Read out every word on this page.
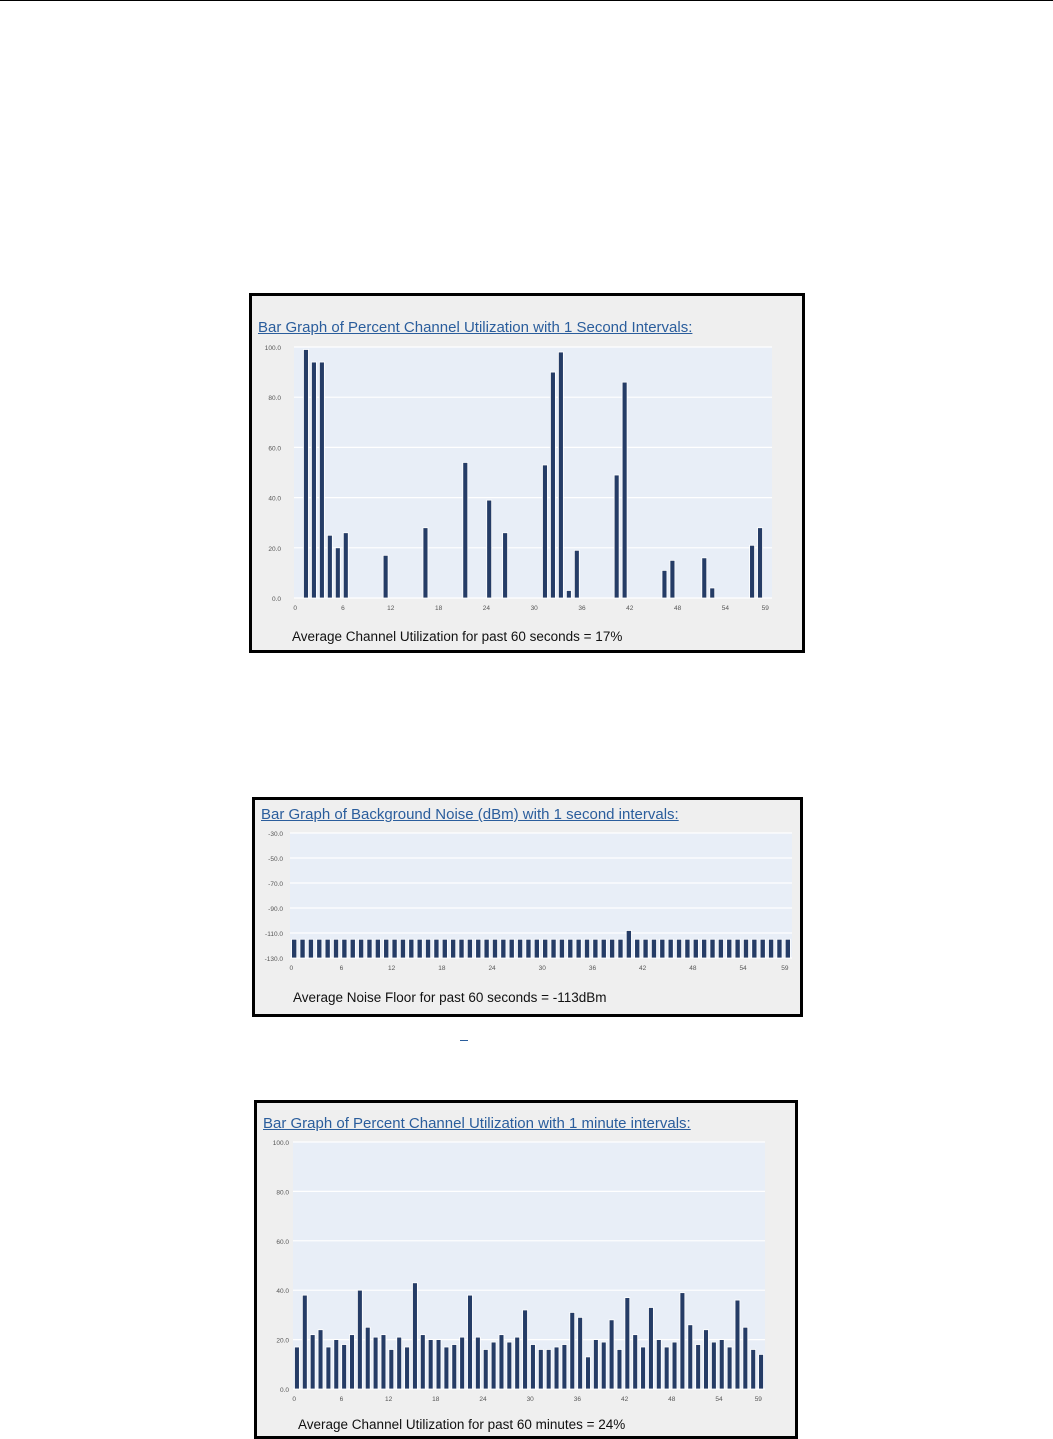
Bar Graph of Percent Channel Utilization with 1 Second Intervals:
100.0
80.0
60.0
40.0
20.0
0.0
0	6	12	18	24	30	36	42	48	54	59
Average Channel Utilization for past 60 seconds = 17%
Bar Graph of Background Noise (dBm) with 1 second intervals:
-30.0
-50.0
-70.0
-90.0
-110.0
-130.0
0	6	12	18	24	30	36	42	48	54	59
Average Noise Floor for past 60 seconds = -113dBm
Bar Graph of Percent Channel Utilization with 1 minute intervals:
100.0
80.0
60.0
40.0
20.0
0.0
0	6	12	18	24	30	36	42	48	54	59
Average Channel Utilization for past 60 minutes = 24%
